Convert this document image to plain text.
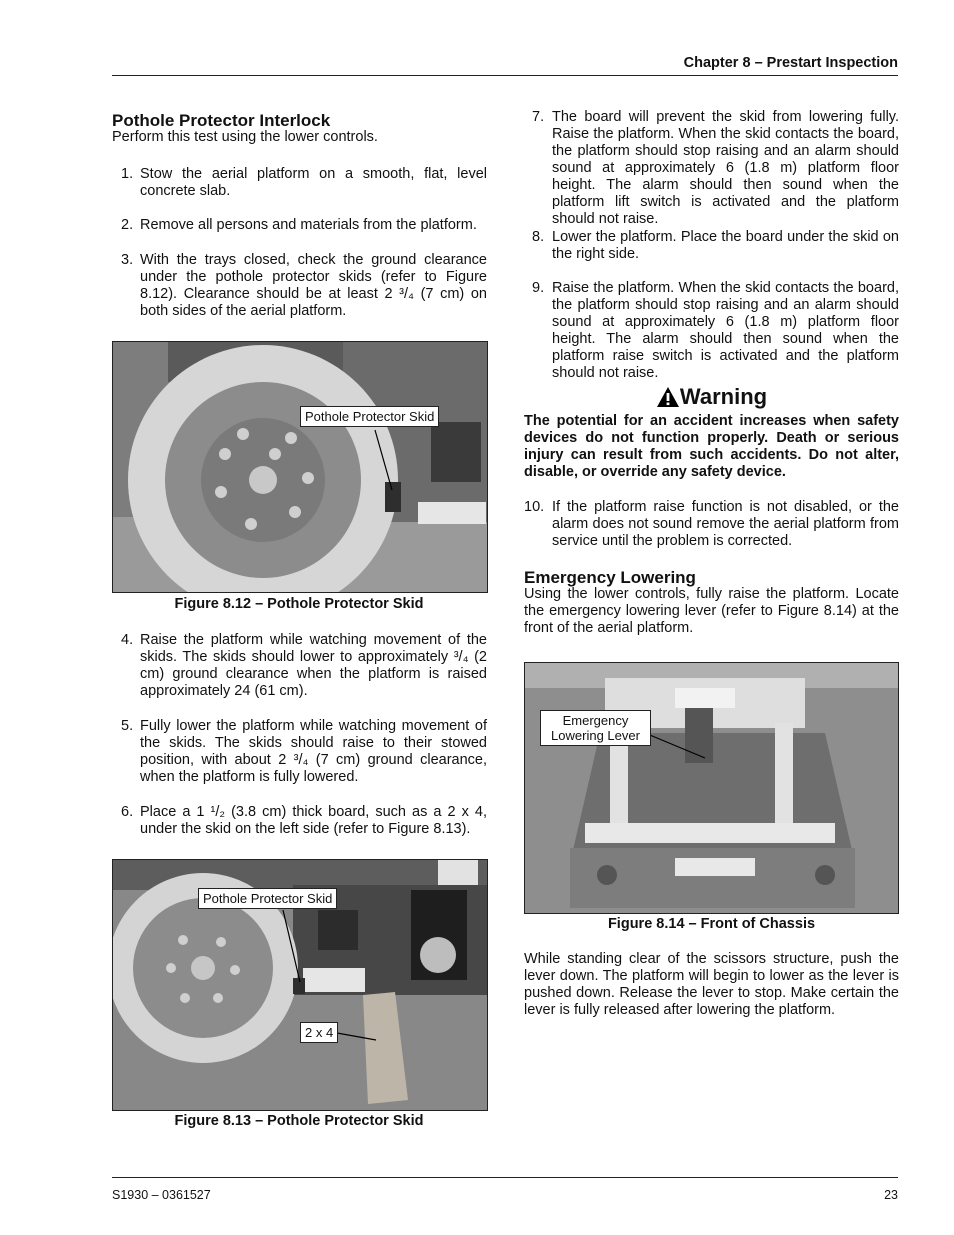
Chapter 8 – Prestart Inspection
Pothole Protector Interlock

Perform this test using the lower controls.

1. Stow the aerial platform on a smooth, flat, level concrete slab.
2. Remove all persons and materials from the platform.
3. With the trays closed, check the ground clearance under the pothole protector skids (refer to Figure 8.12). Clearance should be at least 2 ³/₄ (7 cm) on both sides of the aerial platform.
Pothole Protector Skid
Figure 8.12 – Pothole Protector Skid
4. Raise the platform while watching movement of the skids. The skids should lower to approximately ³/₄ (2 cm) ground clearance when the platform is raised approximately 24 (61 cm).
5. Fully lower the platform while watching movement of the skids. The skids should raise to their stowed position, with about 2 ³/₄ (7 cm) ground clearance, when the platform is fully lowered.
6. Place a 1 ¹/₂ (3.8 cm) thick board, such as a 2 x 4, under the skid on the left side (refer to Figure 8.13).
Pothole Protector Skid
2 x 4
Figure 8.13 – Pothole Protector Skid
7. The board will prevent the skid from lowering fully. Raise the platform. When the skid contacts the board, the platform should stop raising and an alarm should sound at approximately 6 (1.8 m) platform floor height. The alarm should then sound when the platform lift switch is activated and the platform should not raise.
8. Lower the platform. Place the board under the skid on the right side.
9. Raise the platform. When the skid contacts the board, the platform should stop raising and an alarm should sound at approximately 6 (1.8 m) platform floor height. The alarm should then sound when the platform raise switch is activated and the platform should not raise.
Warning

The potential for an accident increases when safety devices do not function properly. Death or serious injury can result from such accidents. Do not alter, disable, or override any safety device.

10. If the platform raise function is not disabled, or the alarm does not sound remove the aerial platform from service until the problem is corrected.
Emergency Lowering

Using the lower controls, fully raise the platform. Locate the emergency lowering lever (refer to Figure 8.14) at the front of the aerial platform.

Emergency Lowering Lever
Figure 8.14 – Front of Chassis

While standing clear of the scissors structure, push the lever down. The platform will begin to lower as the lever is pushed down. Release the lever to stop. Make certain the lever is fully released after lowering the platform.

S1930 – 0361527	23
